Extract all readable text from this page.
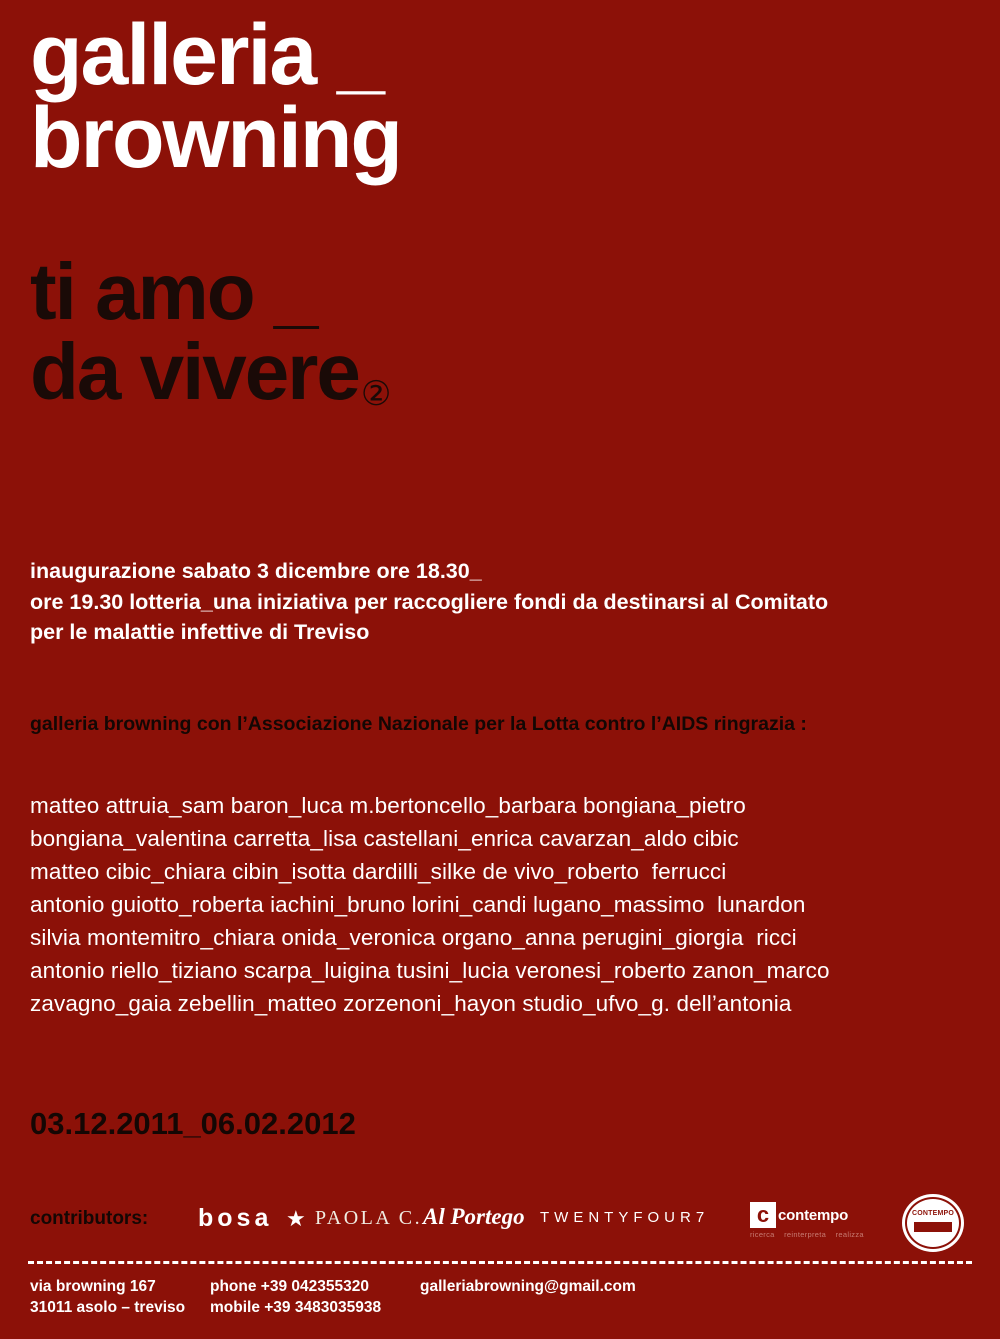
galleria _
browning
ti amo _
da vivere②
inaugurazione sabato 3 dicembre ore 18.30_
ore 19.30 lotteria_una iniziativa per raccogliere fondi da destinarsi al Comitato
per le malattie infettive di Treviso
galleria browning con l’Associazione Nazionale per la Lotta contro l’AIDS ringrazia :
matteo attruia_sam baron_luca m.bertoncello_barbara bongiana_pietro
bongiana_valentina carretta_lisa castellani_enrica cavarzan_aldo cibic
matteo cibic_chiara cibin_isotta dardilli_silke de vivo_roberto  ferrucci
antonio guiotto_roberta iachini_bruno lorini_candi lugano_massimo  lunardon
silvia montemitro_chiara onida_veronica organo_anna perugini_giorgia  ricci
antonio riello_tiziano scarpa_luigina tusini_lucia veronesi_roberto zanon_marco
zavagno_gaia zebellin_matteo zorzenoni_hayon studio_ufvo_g. dell’antonia
03.12.2011_06.02.2012
contributors: bosa ★ PAOLA C. Al Portego TWENTYFOUR7	c contempo
ricerca    reinterpreta    realizza
CONTEMPO
via browning 167
31011 asolo – treviso
phone +39 042355320
mobile +39 3483035938
galleriabrowning@gmail.com
